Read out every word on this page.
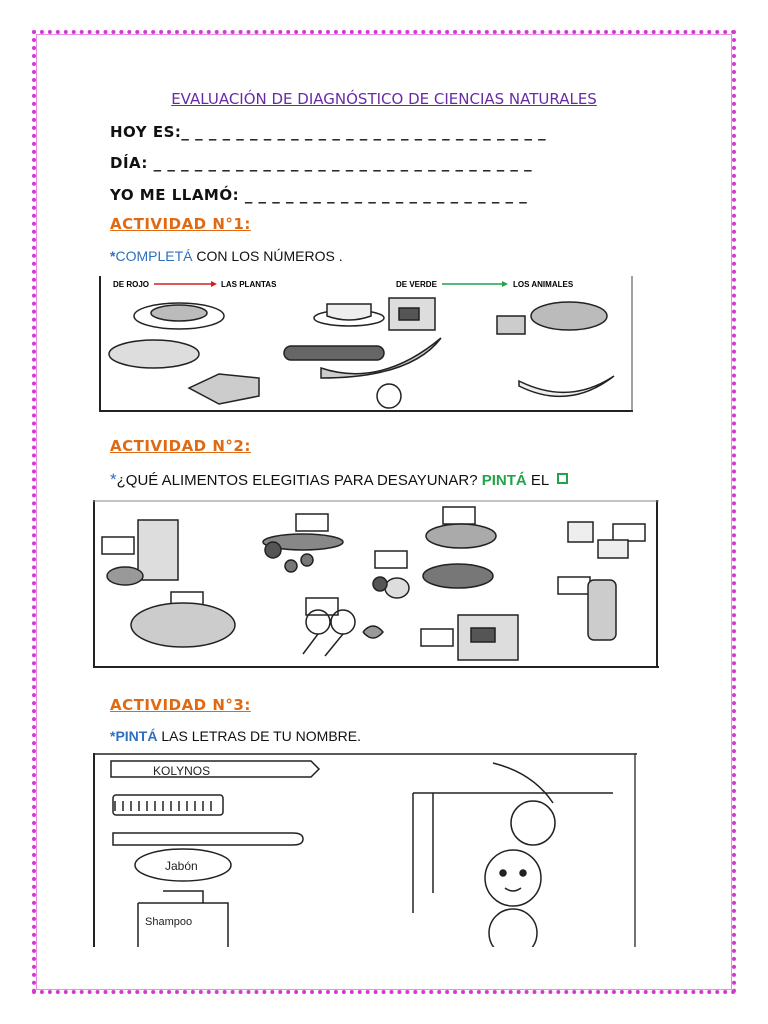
EVALUACIÓN DE DIAGNÓSTICO DE CIENCIAS NATURALES
HOY ES:_ _ _ _ _ _ _ _ _ _ _ _ _ _ _ _ _ _ _ _ _ _ _ _ _ _ _
DÍA: _ _ _ _ _ _ _ _ _ _ _ _ _ _ _ _ _ _ _ _ _ _ _ _ _ _ _ _
YO ME LLAMÓ: _ _ _ _ _ _ _ _ _ _ _ _ _ _ _ _ _ _ _ _ _
ACTIVIDAD N°1:
*COMPLETÁ CON LOS NÚMEROS .
DE ROJO	LAS PLANTAS	DE VERDE	LOS ANIMALES
ACTIVIDAD N°2:
*¿QUÉ ALIMENTOS ELEGITIAS PARA DESAYUNAR? PINTÁ EL
ACTIVIDAD N°3:
*PINTÁ LAS LETRAS DE TU NOMBRE.
KOLYNOS
Jabón
Shampoo
